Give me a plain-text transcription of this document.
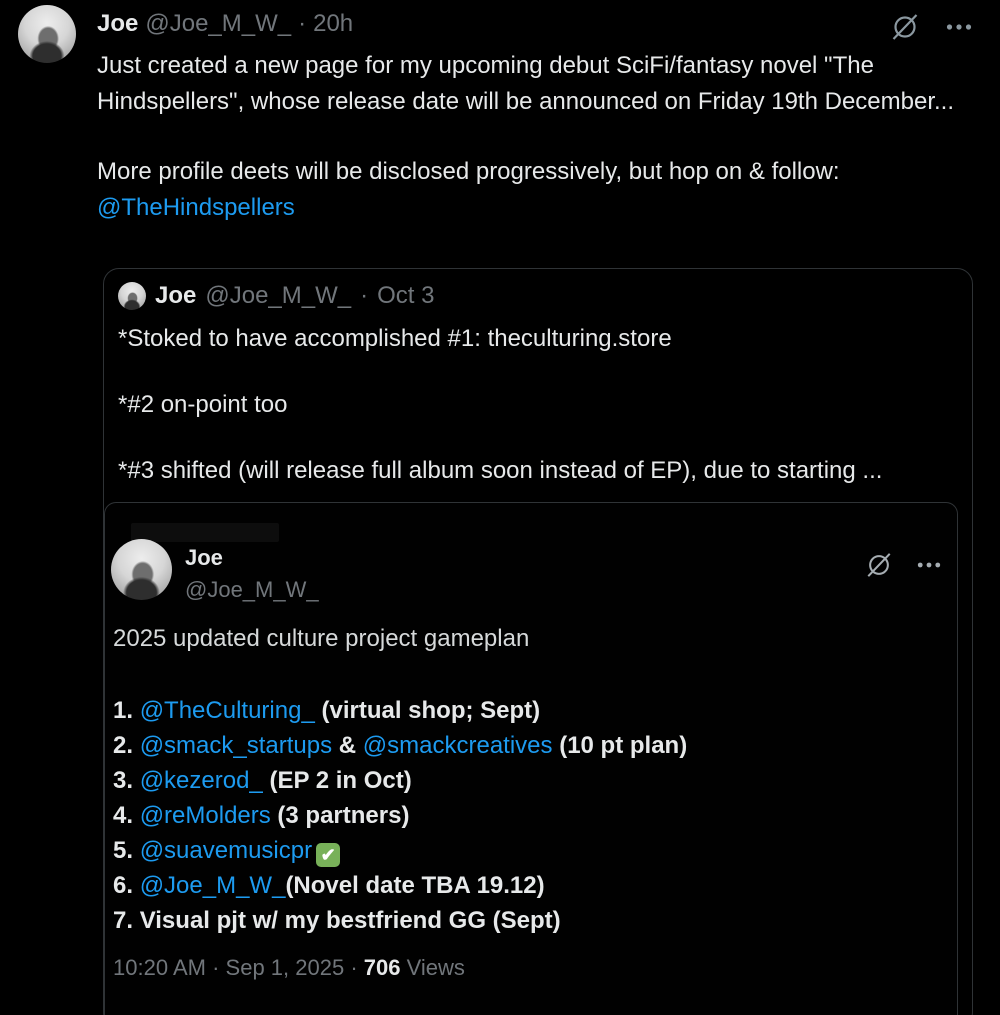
Joe @Joe_M_W_ · 20h
Just created a new page for my upcoming debut SciFi/fantasy novel "The Hindspellers", whose release date will be announced on Friday 19th December...
More profile deets will be disclosed progressively, but hop on & follow:
@TheHindspellers
Joe @Joe_M_W_ · Oct 3
*Stoked to have accomplished #1: theculturing.store
*#2 on-point too
*#3 shifted (will release full album soon instead of EP), due to starting ...
Joe
@Joe_M_W_
2025 updated culture project gameplan
1. @TheCulturing_ (virtual shop; Sept)
2. @smack_startups & @smackcreatives (10 pt plan)
3. @kezerod_ (EP 2 in Oct)
4. @reMolders (3 partners)
5. @suavemusicpr ✔
6. @Joe_M_W_(Novel date TBA 19.12)
7. Visual pjt w/ my bestfriend GG (Sept)
10:20 AM · Sep 1, 2025 · 706 Views
